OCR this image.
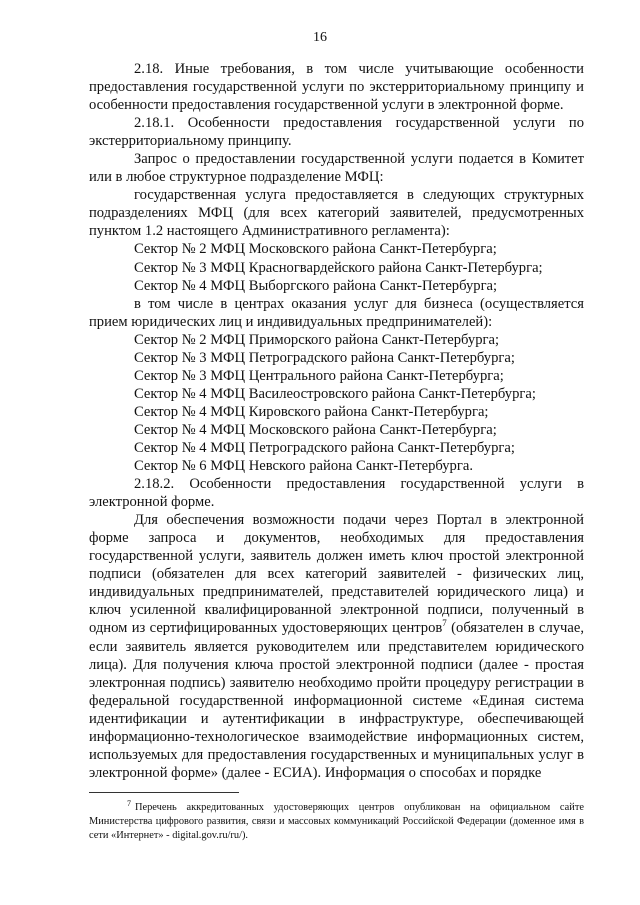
16

2.18. Иные требования, в том числе учитывающие особенности предоставления государственной услуги по экстерриториальному принципу и особенности предоставления государственной услуги в электронной форме.

2.18.1. Особенности предоставления государственной услуги по экстерриториальному принципу.

Запрос о предоставлении государственной услуги подается в Комитет или в любое структурное подразделение МФЦ:

государственная услуга предоставляется в следующих структурных подразделениях МФЦ (для всех категорий заявителей, предусмотренных пунктом 1.2 настоящего Административного регламента):

Сектор № 2 МФЦ Московского района Санкт-Петербурга;

Сектор № 3 МФЦ Красногвардейского района Санкт-Петербурга;

Сектор № 4 МФЦ Выборгского района Санкт-Петербурга;

в том числе в центрах оказания услуг для бизнеса (осуществляется прием юридических лиц и индивидуальных предпринимателей):

Сектор № 2 МФЦ Приморского района Санкт-Петербурга;

Сектор № 3 МФЦ Петроградского района Санкт-Петербурга;

Сектор № 3 МФЦ Центрального района Санкт-Петербурга;

Сектор № 4 МФЦ Василеостровского района Санкт-Петербурга;

Сектор № 4 МФЦ Кировского района Санкт-Петербурга;

Сектор № 4 МФЦ Московского района Санкт-Петербурга;

Сектор № 4 МФЦ Петроградского района Санкт-Петербурга;

Сектор № 6 МФЦ Невского района Санкт-Петербурга.

2.18.2. Особенности предоставления государственной услуги в электронной форме.

Для обеспечения возможности подачи через Портал в электронной форме запроса и документов, необходимых для предоставления государственной услуги, заявитель должен иметь ключ простой электронной подписи (обязателен для всех категорий заявителей - физических лиц, индивидуальных предпринимателей, представителей юридического лица) и ключ усиленной квалифицированной электронной подписи, полученный в одном из сертифицированных удостоверяющих центров$^7$ (обязателен в случае, если заявитель является руководителем или представителем юридического лица). Для получения ключа простой электронной подписи (далее - простая электронная подпись) заявителю необходимо пройти процедуру регистрации в федеральной государственной информационной системе «Единая система идентификации и аутентификации в инфраструктуре, обеспечивающей информационно-технологическое взаимодействие информационных систем, используемых для предоставления государственных и муниципальных услуг в электронной форме» (далее - ЕСИА). Информация о способах и порядке

$^7$ Перечень аккредитованных удостоверяющих центров опубликован на официальном сайте Министерства цифрового развития, связи и массовых коммуникаций Российской Федерации (доменное имя в сети «Интернет» - digital.gov.ru/ru/).
